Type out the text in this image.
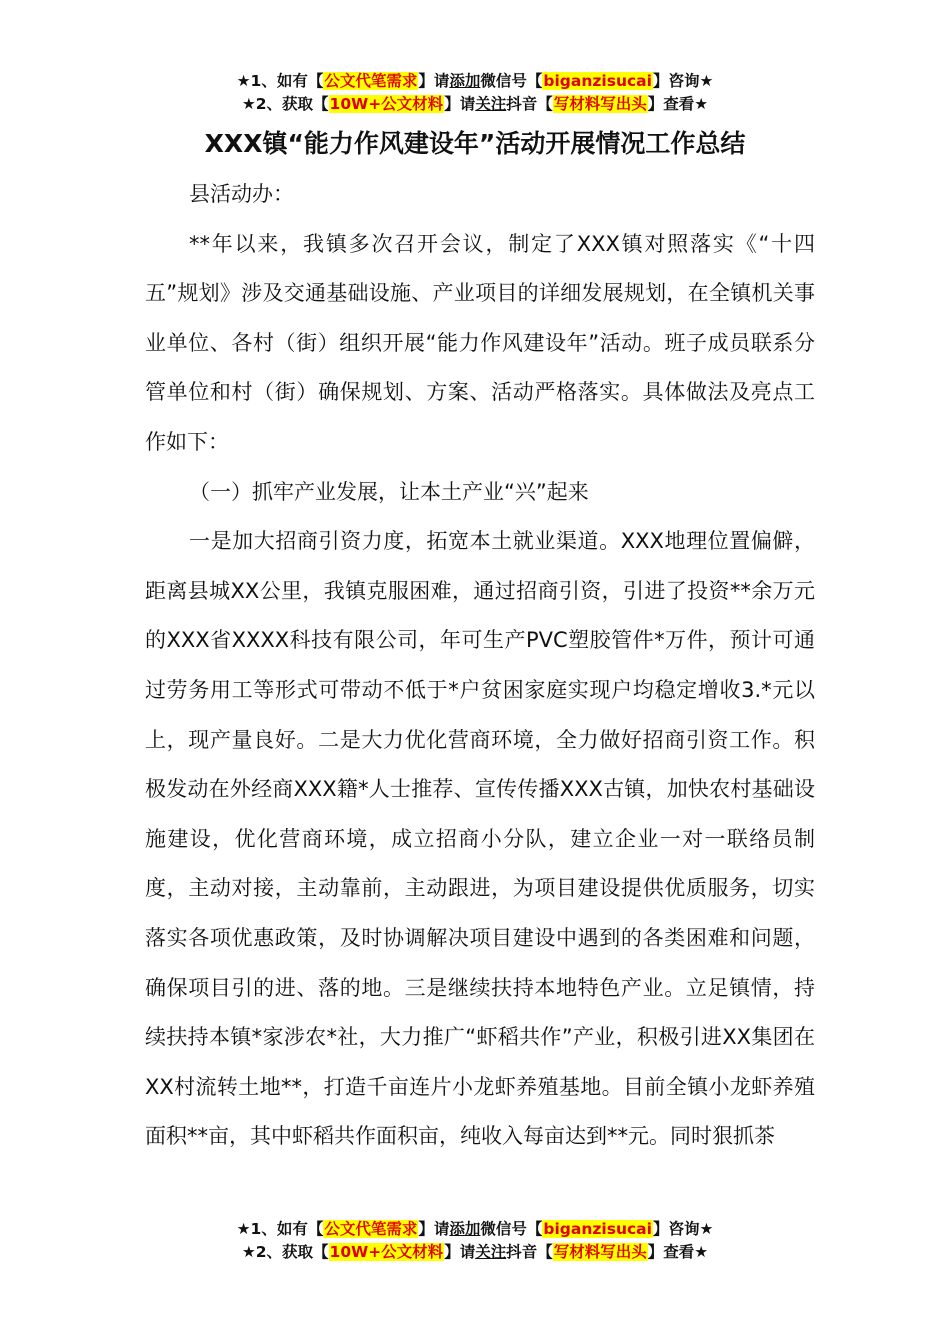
★1、如有【公文代笔需求】请添加微信号【biganzisucai】咨询★
★2、获取【10W+公文材料】请关注抖音【写材料写出头】查看★
XXX镇“能力作风建设年”活动开展情况工作总结

县活动办：

**年以来，我镇多次召开会议，制定了XXX镇对照落实《“十四五”规划》涉及交通基础设施、产业项目的详细发展规划，在全镇机关事业单位、各村（街）组织开展“能力作风建设年”活动。班子成员联系分管单位和村（街）确保规划、方案、活动严格落实。具体做法及亮点工作如下：

（一）抓牢产业发展，让本土产业“兴”起来

一是加大招商引资力度，拓宽本土就业渠道。XXX地理位置偏僻，距离县城XX公里，我镇克服困难，通过招商引资，引进了投资**余万元的XXX省XXXX科技有限公司，年可生产PVC塑胶管件*万件，预计可通过劳务用工等形式可带动不低于*户贫困家庭实现户均稳定增收3.*元以上，现产量良好。二是大力优化营商环境，全力做好招商引资工作。积极发动在外经商XXX籍*人士推荐、宣传传播XXX古镇，加快农村基础设施建设，优化营商环境，成立招商小分队，建立企业一对一联络员制度，主动对接，主动靠前，主动跟进，为项目建设提供优质服务，切实落实各项优惠政策，及时协调解决项目建设中遇到的各类困难和问题，确保项目引的进、落的地。三是继续扶持本地特色产业。立足镇情，持续扶持本镇*家涉农*社，大力推广“虾稻共作”产业，积极引进XX集团在XX村流转土地**，打造千亩连片小龙虾养殖基地。目前全镇小龙虾养殖面积**亩，其中虾稻共作面积亩，纯收入每亩达到**元。同时狠抓茶

★1、如有【公文代笔需求】请添加微信号【biganzisucai】咨询★
★2、获取【10W+公文材料】请关注抖音【写材料写出头】查看★
